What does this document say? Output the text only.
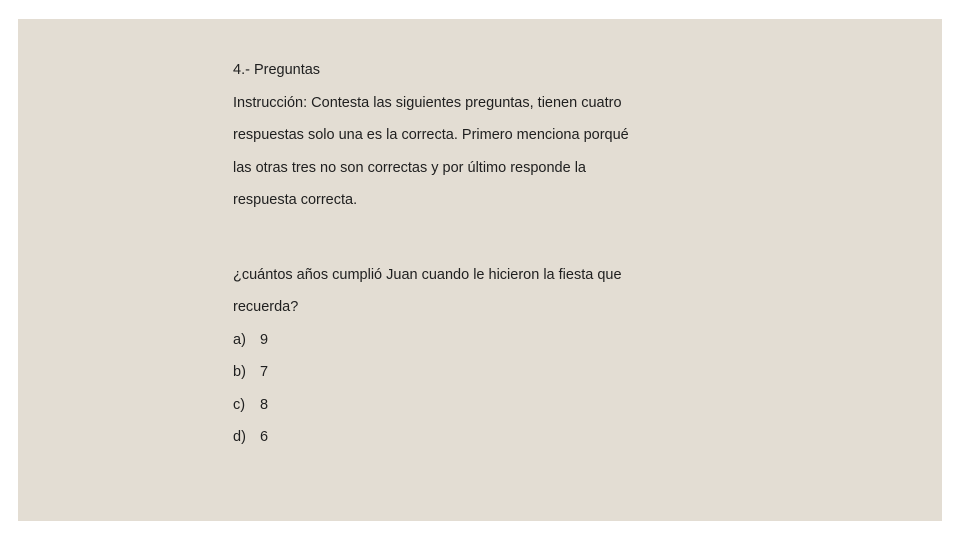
4.- Preguntas
Instrucción: Contesta las siguientes preguntas, tienen cuatro
respuestas solo una es la correcta. Primero menciona porqué
las otras tres no son correctas y por último responde la
respuesta correcta.
¿cuántos años cumplió Juan cuando le hicieron la fiesta que
recuerda?
a) 9
b) 7
c)	8
d) 6
